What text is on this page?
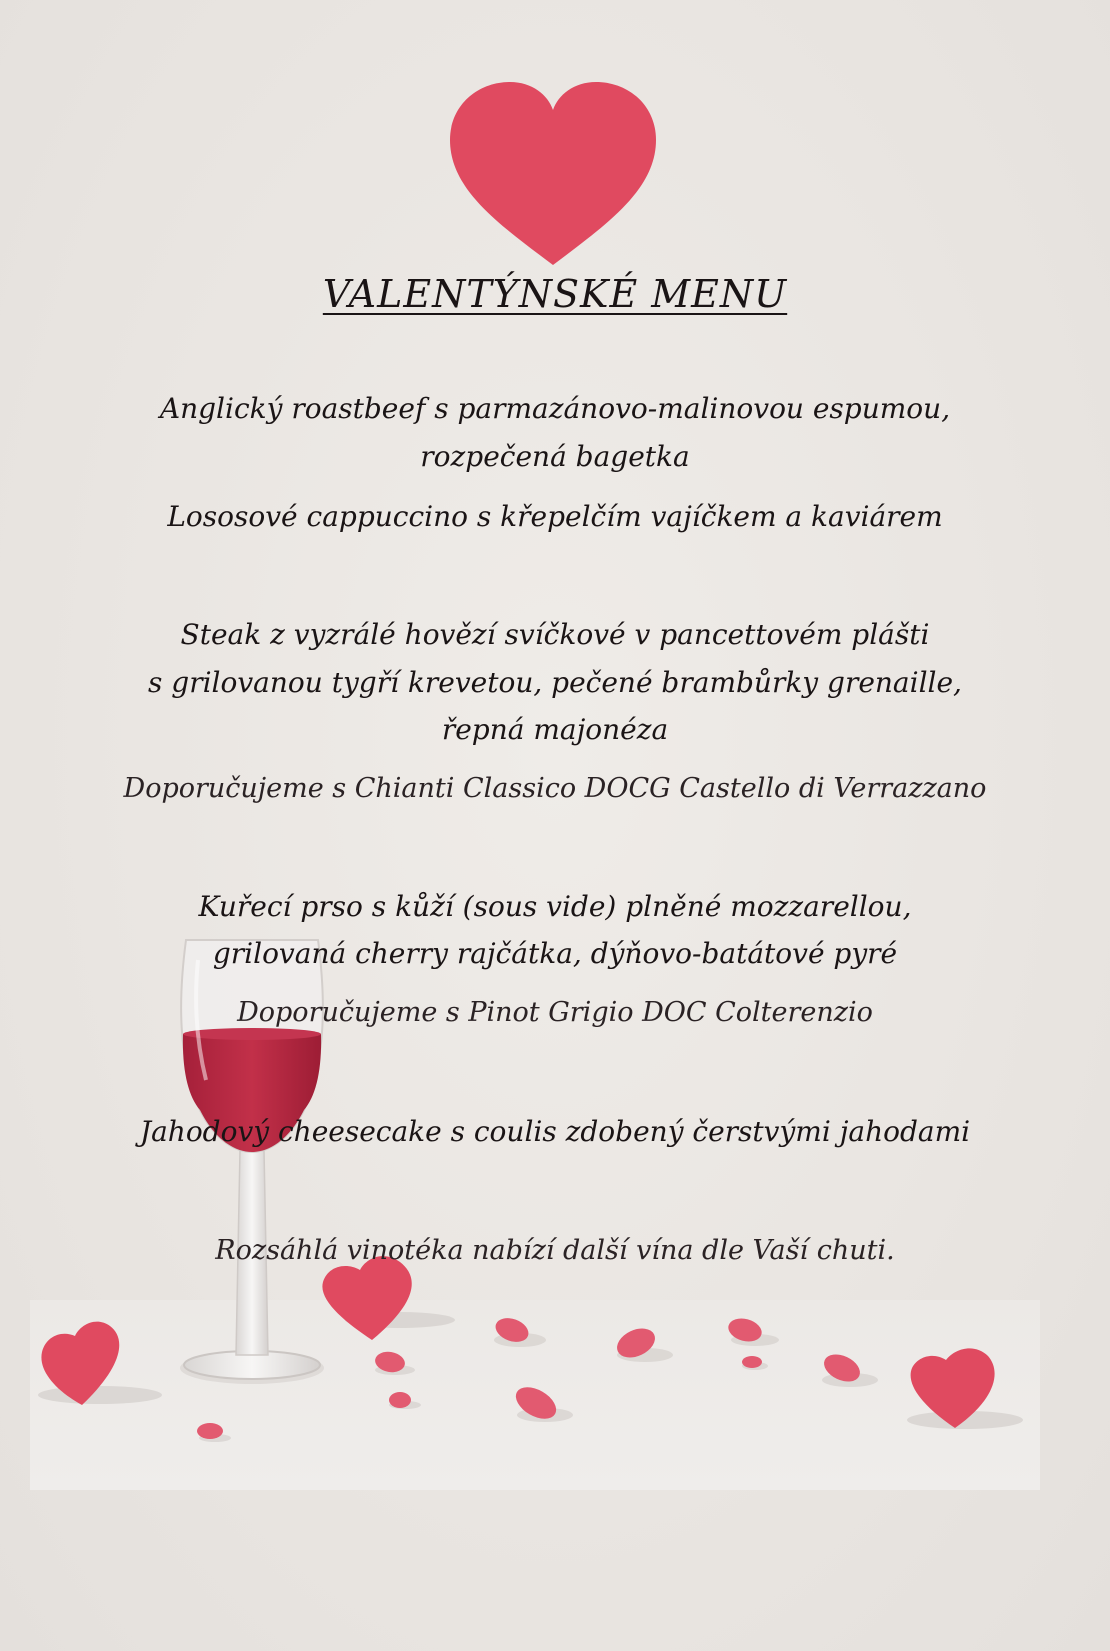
VALENTÝNSKÉ MENU
Anglický roastbeef s parmazánovo-malinovou espumou,
rozpečená bagetka
Lososové cappuccino s křepelčím vajíčkem a kaviárem
Steak z vyzrálé hovězí svíčkové v pancettovém plášti
s grilovanou tygří krevetou, pečené brambůrky grenaille,
řepná majonéza
Doporučujeme s Chianti Classico DOCG Castello di Verrazzano
Kuřecí prso s kůží (sous vide) plněné mozzarellou,
grilovaná cherry rajčátka, dýňovo-batátové pyré
Doporučujeme s Pinot Grigio DOC Colterenzio
Jahodový cheesecake s coulis zdobený čerstvými jahodami
Rozsáhlá vinotéka nabízí další vína dle Vaší chuti.
